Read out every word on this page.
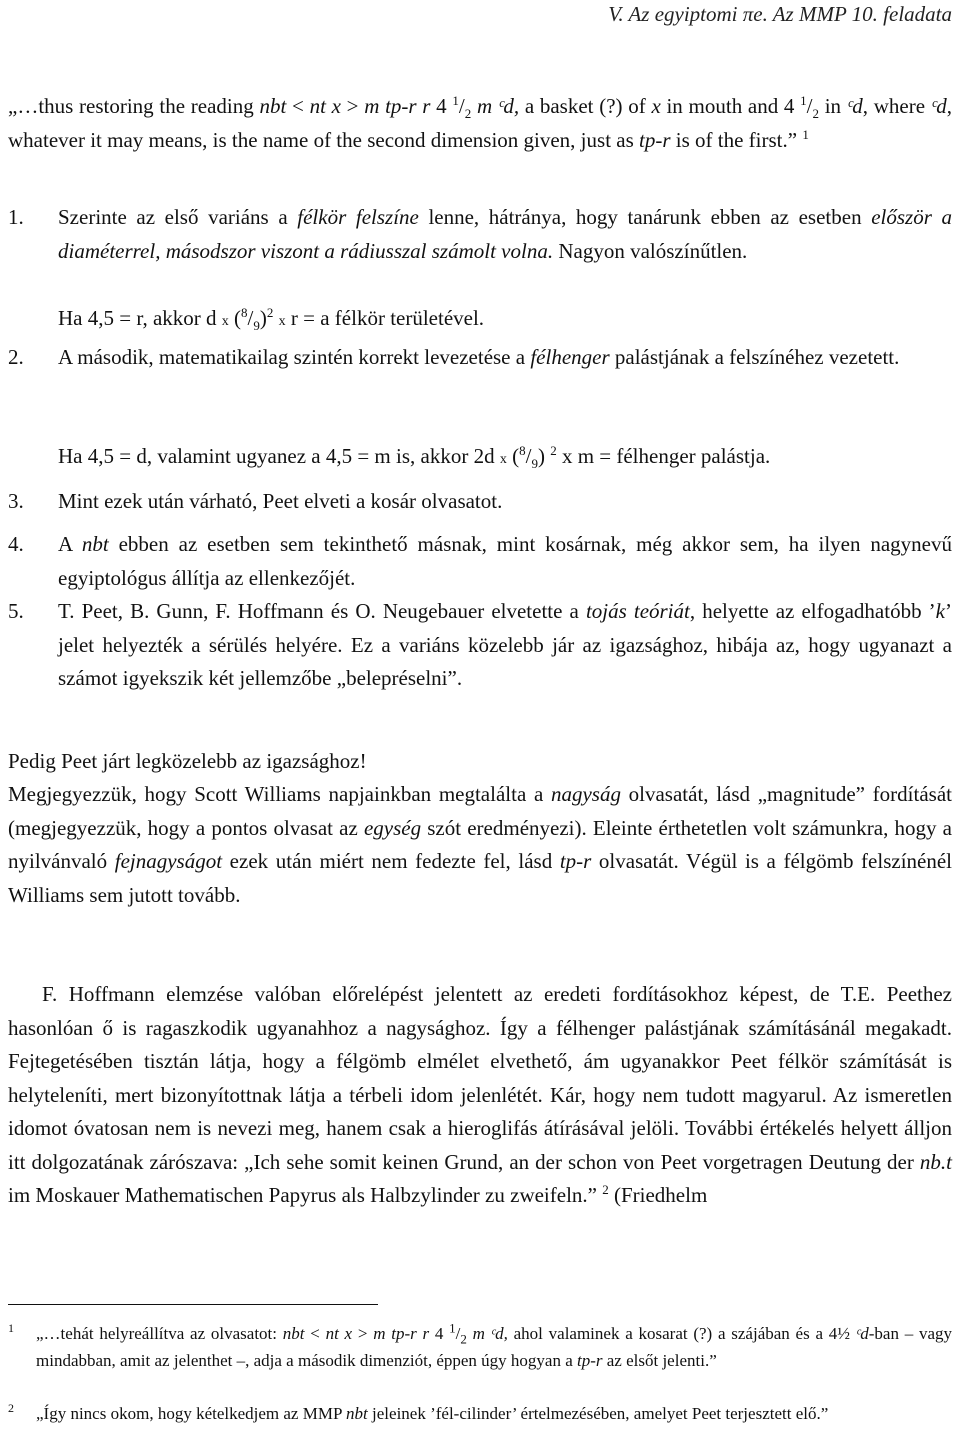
V. Az egyiptomi πe. Az MMP 10. feladata
„…thus restoring the reading nbt < nt x > m tp-r r 4 $^1/_2$ m ᶜd, a basket (?) of x in mouth and 4 $^1/_2$ in ᶜd, where ᶜd, whatever it may means, is the name of the second dimension given, just as tp-r is of the first.” $^1$
1. Szerinte az első variáns a félkör felszíne lenne, hátránya, hogy tanárunk ebben az esetben először a diaméterrel, másodszor viszont a rádiusszal számolt volna. Nagyon valószínűtlen.
Ha 4,5 = r, akkor d x $(^8/_9)^2$ x r = a félkör területével.
2. A második, matematikailag szintén korrekt levezetése a félhenger palástjának a felszínéhez vezetett.
Ha 4,5 = d, valamint ugyanez a 4,5 = m is, akkor 2d x $(^8/_9)$ $^2$ x m = félhenger palástja.
3. Mint ezek után várható, Peet elveti a kosár olvasatot.
4. A nbt ebben az esetben sem tekinthető másnak, mint kosárnak, még akkor sem, ha ilyen nagynevű egyiptológus állítja az ellenkezőjét.
5. T. Peet, B. Gunn, F. Hoffmann és O. Neugebauer elvetette a tojás teóriát, helyette az elfogadhatóbb ’k’ jelet helyezték a sérülés helyére. Ez a variáns közelebb jár az igazsághoz, hibája az, hogy ugyanazt a számot igyekszik két jellemzőbe „belepréselni”.
Pedig Peet járt legközelebb az igazsághoz!
Megjegyezzük, hogy Scott Williams napjainkban megtalálta a nagyság olvasatát, lásd „magnitude” fordítását (megjegyezzük, hogy a pontos olvasat az egység szót eredményezi). Eleinte érthetetlen volt számunkra, hogy a nyilvánvaló fejnagyságot ezek után miért nem fedezte fel, lásd tp-r olvasatát. Végül is a félgömb felszínénél Williams sem jutott tovább.
F. Hoffmann elemzése valóban előrelépést jelentett az eredeti fordításokhoz képest, de T.E. Peethez hasonlóan ő is ragaszkodik ugyanahhoz a nagysághoz. Így a félhenger palástjának számításánál megakadt. Fejtegetésében tisztán látja, hogy a félgömb elmélet elvethető, ám ugyanakkor Peet félkör számítását is helyteleníti, mert bizonyítottnak látja a térbeli idom jelenlétét. Kár, hogy nem tudott magyarul. Az ismeretlen idomot óvatosan nem is nevezi meg, hanem csak a hieroglifás átírásával jelöli. További értékelés helyett álljon itt dolgozatának zárószava: „Ich sehe somit keinen Grund, an der schon von Peet vorgetragen Deutung der nb.t im Moskauer Mathematischen Papyrus als Halbzylinder zu zweifeln.” $^2$ (Friedhelm
1 „…tehát helyreállítva az olvasatot: nbt < nt x > m tp-r r 4 $^1/_2$ m ᶜd, ahol valaminek a kosarat (?) a szájában és a 4½ ᶜd-ban – vagy mindabban, amit az jelenthet –, adja a második dimenziót, éppen úgy hogyan a tp-r az elsőt jelenti.”
2 „Így nincs okom, hogy kételkedjem az MMP nbt jeleinek ’fél-cilinder’ értelmezésében, amelyet Peet terjesztett elő.”
